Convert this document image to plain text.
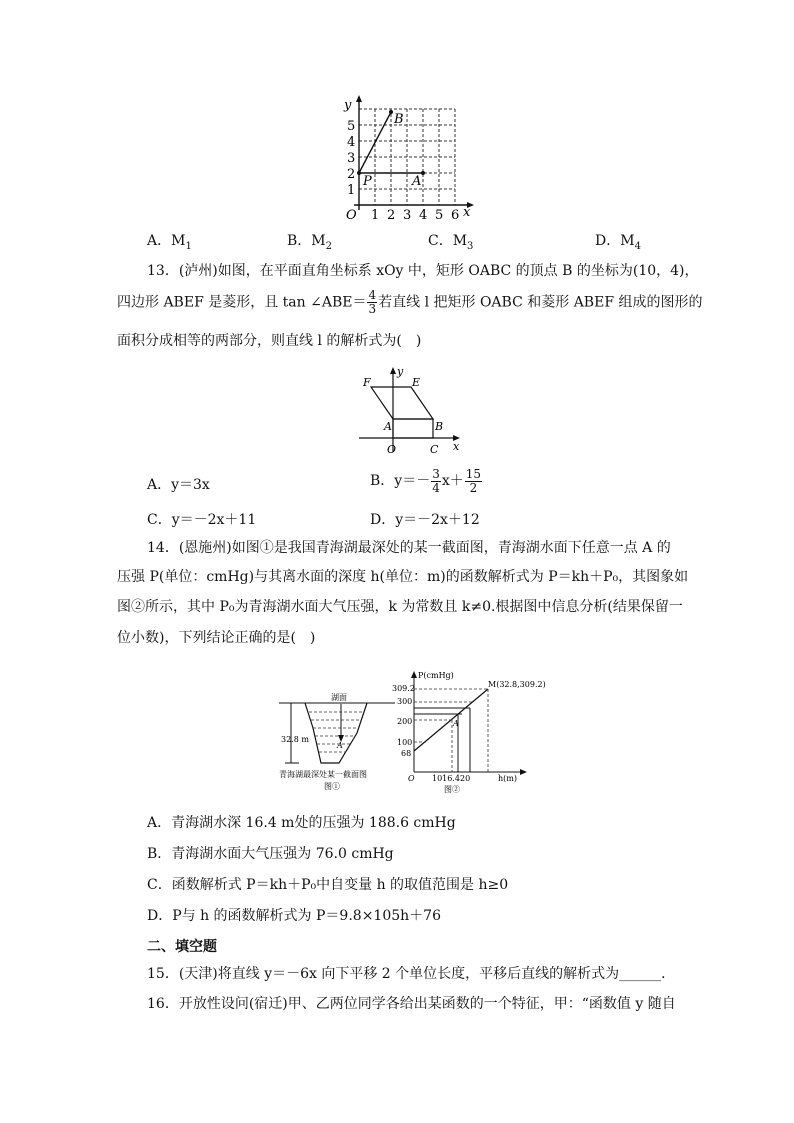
y
x
O 1 2 3 4 5 6
1
2
3
4
5
P	A
B
A．$M_1$	B．$M_2$	C．$M_3$	D．$M_4$
13．(泸州)如图，在平面直角坐标系 xOy 中，矩形 OABC 的顶点 B 的坐标为(10，4)，
四边形 ABEF 是菱形，且 tan ∠ABE＝ $\frac{4}{3}$ 若直线 l 把矩形 OABC 和菱形 ABEF 组成的图形的
面积分成相等的两部分，则直线 l 的解析式为(　)
y
x
O
A	B
C
E
F
A．y＝3x	B．$y=- \frac{3}{4} x+ \frac{15}{2}$
C．y＝－2x＋11	D．y＝－2x＋12
14．(恩施州)如图①是我国青海湖最深处的某一截面图，青海湖水面下任意一点 A 的
压强 P(单位：cmHg)与其离水面的深度 h(单位：m)的函数解析式为 P＝kh＋P₀，其图象如
图②所示，其中 P₀为青海湖水面大气压强，k 为常数且 k≠0.根据图中信息分析(结果保留一
位小数)，下列结论正确的是(　)
湖面
32.8 m
A
青海湖最深处某一截面图
图①
P(cmHg)
M(32.8,309.2)
309.2
300
200
100
68
O 1016.420	h(m)
A
图②
A．青海湖水深 16.4 m处的压强为 188.6 cmHg
B．青海湖水面大气压强为 76.0 cmHg
C．函数解析式 P＝kh＋P₀中自变量 h 的取值范围是 h≥0
D．P与 h 的函数解析式为 P＝9.8×105h＋76
二、填空题
15．(天津)将直线 y＝－6x 向下平移 2 个单位长度，平移后直线的解析式为______．
16．开放性设问(宿迁)甲、乙两位同学各给出某函数的一个特征，甲：“函数值 y 随自
